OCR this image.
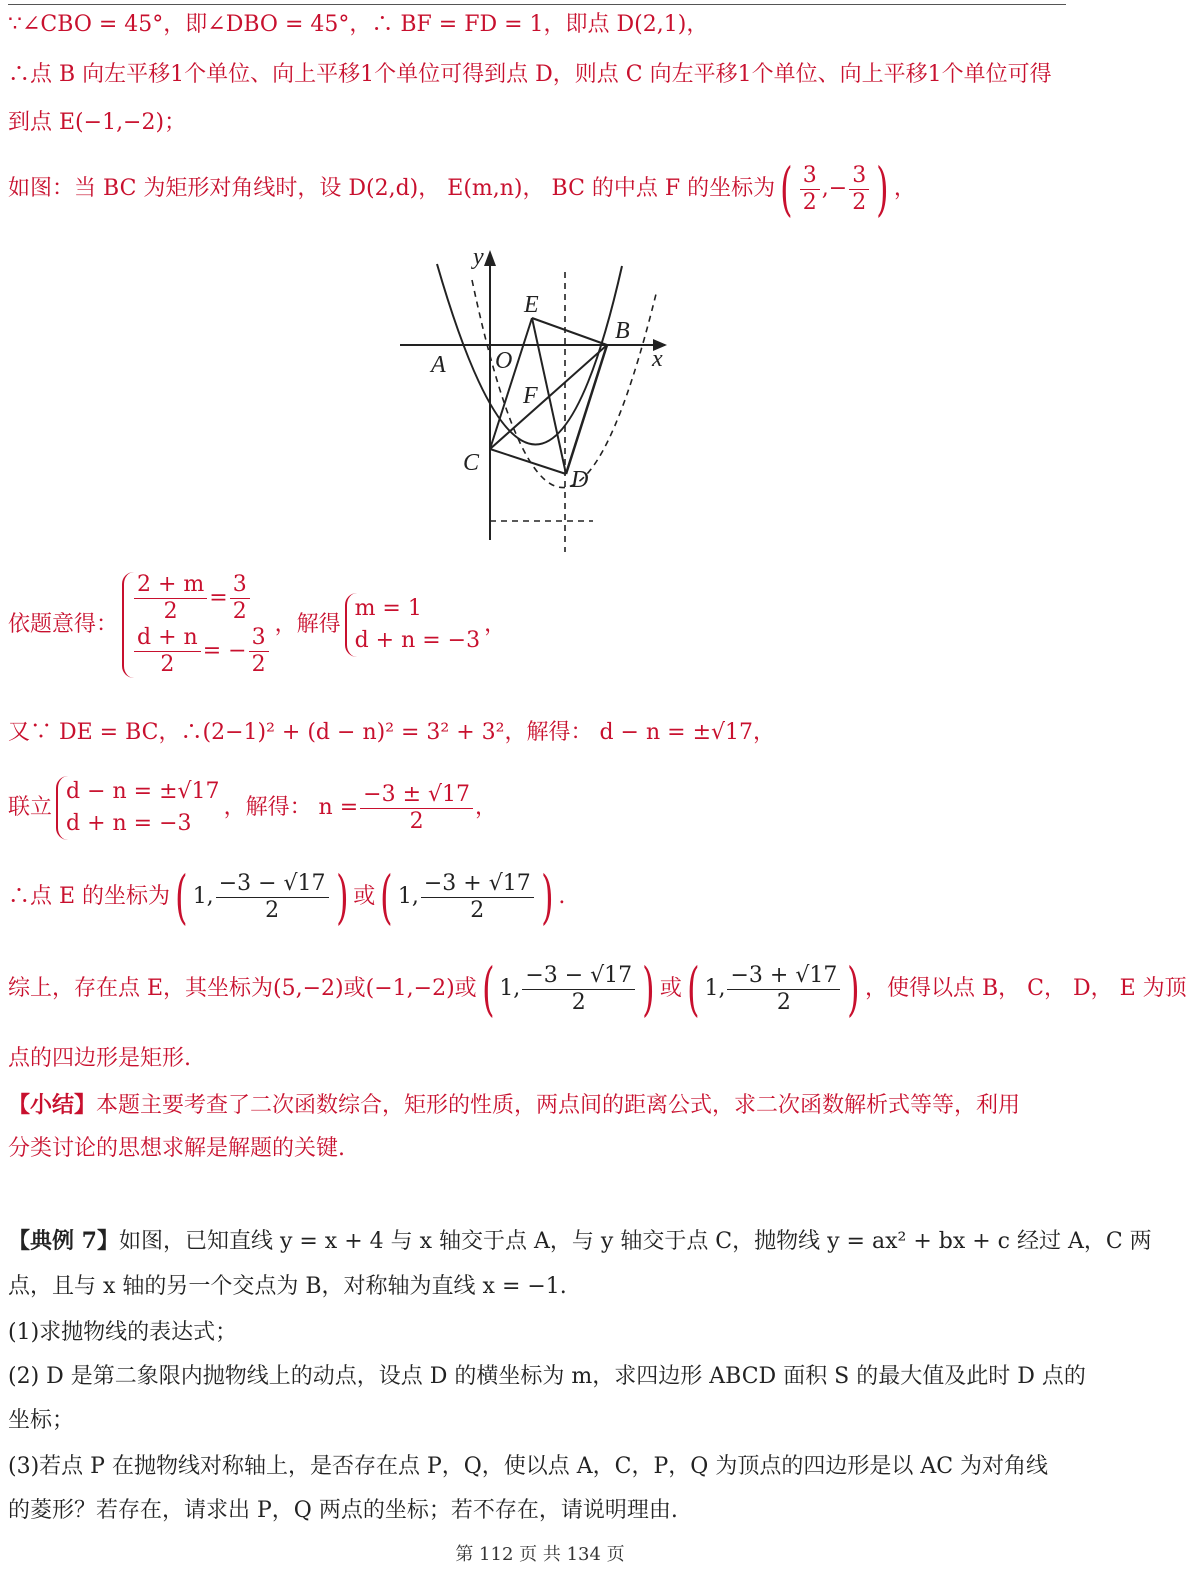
∵∠CBO = 45°，即∠DBO = 45°，∴ BF = FD = 1，即点 D(2,1)，
∴点 B 向左平移1个单位、向上平移1个单位可得到点 D，则点 C 向左平移1个单位、向上平移1个单位可得
到点 E(−1,−2)；
如图：当 BC 为矩形对角线时，设 D(2,d)， E(m,n)， BC 的中点 F 的坐标为( $\frac{3}{2}$ ,− $\frac{3}{2}$ ) ，
y
x
A O
B
E
F
C
D
依题意得： $\frac{2 + m}{2} = \frac{3}{2}$
$\frac{d + n}{2}$ = − $\frac{3}{2}$
，解得
m = 1
d + n = −3
，
又∵ DE = BC，∴(2−1)² + (d − n)² = 3² + 3²，解得： d − n = ±√17，
联立
d − n = ±√17
d + n = −3
，解得： $n = \frac{-3 \pm √17}{2}$ ，
∴点 E 的坐标为( 1, $\frac{-3 - √17}{2}$ ) 或( 1, $\frac{-3 + √17}{2}$ ) .
综上，存在点 E，其坐标为(5,−2)或(−1,−2)或( 1, $\frac{-3 - √17}{2}$ ) 或( 1, $\frac{-3 + √17}{2}$ ) ，使得以点 B， C， D， E 为顶
点的四边形是矩形.
【小结】本题主要考查了二次函数综合，矩形的性质，两点间的距离公式，求二次函数解析式等等，利用
分类讨论的思想求解是解题的关键.
【典例 7】如图，已知直线 y = x + 4 与 x 轴交于点 A，与 y 轴交于点 C，抛物线 y = ax² + bx + c 经过 A，C 两
点，且与 x 轴的另一个交点为 B，对称轴为直线 x = −1.
(1)求抛物线的表达式；
(2) D 是第二象限内抛物线上的动点，设点 D 的横坐标为 m，求四边形 ABCD 面积 S 的最大值及此时 D 点的
坐标；
(3)若点 P 在抛物线对称轴上，是否存在点 P，Q，使以点 A，C，P，Q 为顶点的四边形是以 AC 为对角线
的菱形？若存在，请求出 P，Q 两点的坐标；若不存在，请说明理由.
第 112 页 共 134 页
